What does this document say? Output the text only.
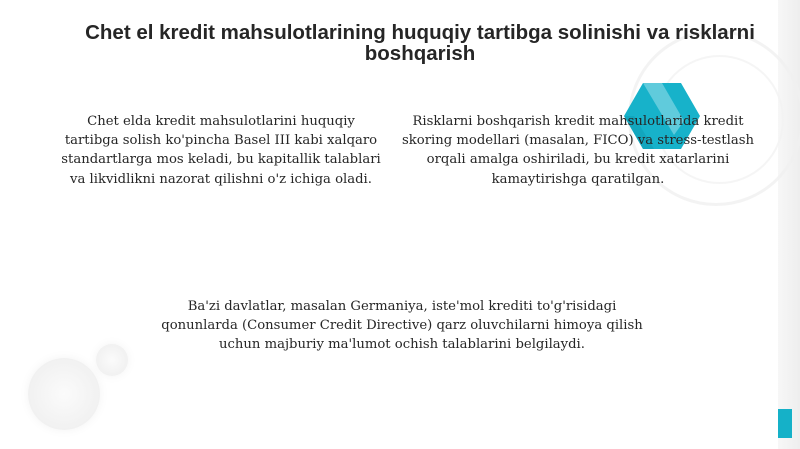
Chet el kredit mahsulotlarining huquqiy tartibga solinishi va risklarni boshqarish

Chet elda kredit mahsulotlarini huquqiy tartibga solish ko'pincha Basel III kabi xalqaro standartlarga mos keladi, bu kapitallik talablari va likvidlikni nazorat qilishni o'z ichiga oladi.

Risklarni boshqarish kredit mahsulotlarida kredit skoring modellari (masalan, FICO) va stress-testlash orqali amalga oshiriladi, bu kredit xatarlarini kamaytirishga qaratilgan.

Ba'zi davlatlar, masalan Germaniya, iste'mol krediti to'g'risidagi qonunlarda (Consumer Credit Directive) qarz oluvchilarni himoya qilish uchun majburiy ma'lumot ochish talablarini belgilaydi.
